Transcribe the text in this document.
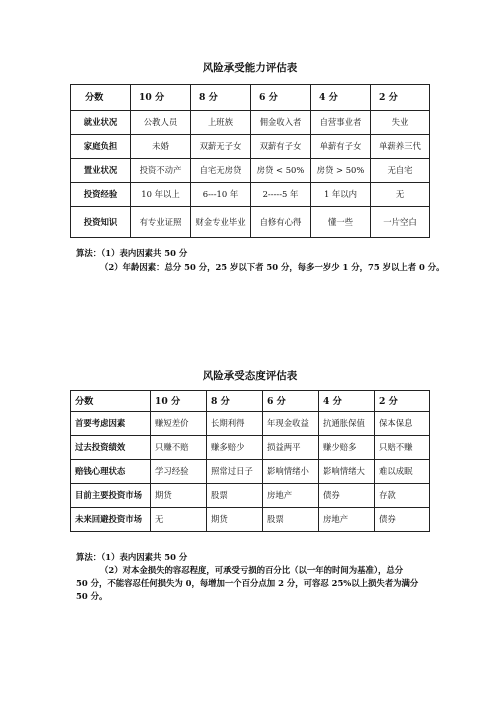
风险承受能力评估表
分数	10 分	8 分	6 分	4 分	2 分
就业状况	公教人员	上班族	佣金收入者	自营事业者	失业
家庭负担	未婚	双薪无子女	双薪有子女	单薪有子女	单薪养三代
置业状况	投资不动产	自宅无房贷	房贷 < 50%	房贷 > 50%	无自宅
投资经验	10 年以上	6---10 年	2-----5 年	1 年以内	无
投资知识	有专业证照	财金专业毕业	自修有心得	懂一些	一片空白
算法：（1）表内因素共 50 分
（2）年龄因素：总分 50 分，25 岁以下者 50 分，每多一岁少 1 分，75 岁以上者 0 分。
风险承受态度评估表
分数	10 分	8 分	6 分	4 分	2 分
首要考虑因素	赚短差价	长期利得	年现金收益	抗通胀保值	保本保息
过去投资绩效	只赚不赔	赚多赔少	损益两平	赚少赔多	只赔不赚
赔钱心理状态	学习经验	照常过日子	影响情绪小	影响情绪大	难以成眠
目前主要投资市场	期货	股票	房地产	债券	存款
未来回避投资市场	无	期货	股票	房地产	债券
算法：（1）表内因素共 50 分
（2）对本金损失的容忍程度，可承受亏损的百分比（以一年的时间为基准），总分
50 分，不能容忍任何损失为 0，每增加一个百分点加 2 分，可容忍 25%以上损失者为满分
50 分。
